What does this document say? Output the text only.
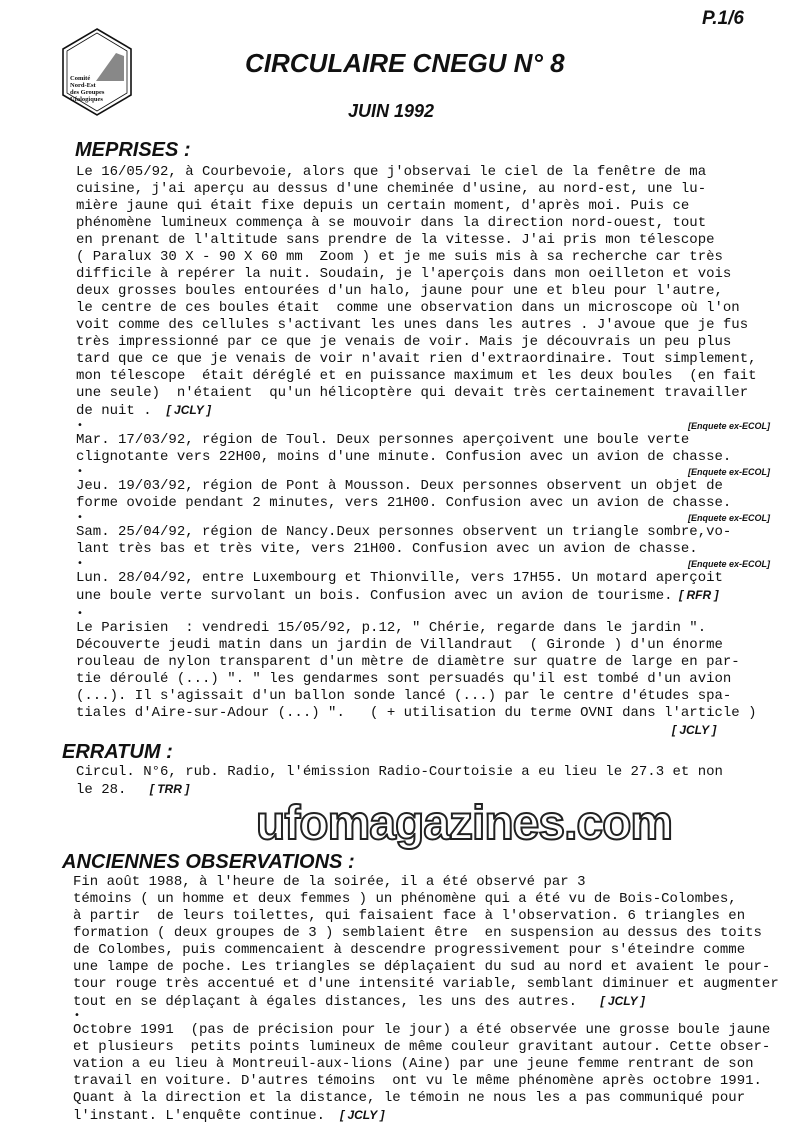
Comité
Nord-Est
des Groupes
Ufologiques
P.1/6
CIRCULAIRE CNEGU N° 8
JUIN 1992
MEPRISES :
Le 16/05/92, à Courbevoie, alors que j'observai le ciel de la fenêtre de ma
cuisine, j'ai aperçu au dessus d'une cheminée d'usine, au nord-est, une lu-
mière jaune qui était fixe depuis un certain moment, d'après moi. Puis ce
phénomène lumineux commença à se mouvoir dans la direction nord-ouest, tout
en prenant de l'altitude sans prendre de la vitesse. J'ai pris mon télescope
( Paralux 30 X - 90 X 60 mm  Zoom ) et je me suis mis à sa recherche car très
difficile à repérer la nuit. Soudain, je l'aperçois dans mon oeilleton et vois
deux grosses boules entourées d'un halo, jaune pour une et bleu pour l'autre,
le centre de ces boules était  comme une observation dans un microscope où l'on
voit comme des cellules s'activant les unes dans les autres . J'avoue que je fus
très impressionné par ce que je venais de voir. Mais je découvrais un peu plus
tard que ce que je venais de voir n'avait rien d'extraordinaire. Tout simplement,
mon télescope  était déréglé et en puissance maximum et les deux boules  (en fait
une seule)  n'étaient  qu'un hélicoptère qui devait très certainement travailler
de nuit .   [ JCLY ]
•	[Enquete ex-ECOL]
Mar. 17/03/92, région de Toul. Deux personnes aperçoivent une boule verte
clignotante vers 22H00, moins d'une minute. Confusion avec un avion de chasse.
•	[Enquete ex-ECOL]
Jeu. 19/03/92, région de Pont à Mousson. Deux personnes observent un objet de
forme ovoide pendant 2 minutes, vers 21H00. Confusion avec un avion de chasse.
•	[Enquete ex-ECOL]
Sam. 25/04/92, région de Nancy.Deux personnes observent un triangle sombre,vo-
lant très bas et très vite, vers 21H00. Confusion avec un avion de chasse.
•	[Enquete ex-ECOL]
Lun. 28/04/92, entre Luxembourg et Thionville, vers 17H55. Un motard aperçoit
une boule verte survolant un bois. Confusion avec un avion de tourisme.  [ RFR ]
•
Le Parisien  : vendredi 15/05/92, p.12, " Chérie, regarde dans le jardin ".
Découverte jeudi matin dans un jardin de Villandraut  ( Gironde ) d'un énorme
rouleau de nylon transparent d'un mètre de diamètre sur quatre de large en par-
tie déroulé (...) ". " les gendarmes sont persuadés qu'il est tombé d'un avion
(...). Il s'agissait d'un ballon sonde lancé (...) par le centre d'études spa-
tiales d'Aire-sur-Adour (...) ".   ( + utilisation du terme OVNI dans l'article )
[ JCLY ]
ERRATUM :
Circul. N°6, rub. Radio, l'émission Radio-Courtoisie a eu lieu le 27.3 et non
le 28.    [ TRR ]
ufomagazines.com
ANCIENNES OBSERVATIONS :
Fin août 1988, à l'heure de la soirée, il a été observé par 3
témoins ( un homme et deux femmes ) un phénomène qui a été vu de Bois-Colombes,
à partir  de leurs toilettes, qui faisaient face à l'observation. 6 triangles en
formation ( deux groupes de 3 ) semblaient être  en suspension au dessus des toits
de Colombes, puis commencaient à descendre progressivement pour s'éteindre comme
une lampe de poche. Les triangles se déplaçaient du sud au nord et avaient le pour-
tour rouge très accentué et d'une intensité variable, semblant diminuer et augmenter
tout en se déplaçant à égales distances, les uns des autres.    [ JCLY ]
•
Octobre 1991  (pas de précision pour le jour) a été observée une grosse boule jaune
et plusieurs  petits points lumineux de même couleur gravitant autour. Cette obser-
vation a eu lieu à Montreuil-aux-lions (Aine) par une jeune femme rentrant de son
travail en voiture. D'autres témoins  ont vu le même phénomène après octobre 1991.
Quant à la direction et la distance, le témoin ne nous les a pas communiqué pour
l'instant. L'enquête continue.   [ JCLY ]
